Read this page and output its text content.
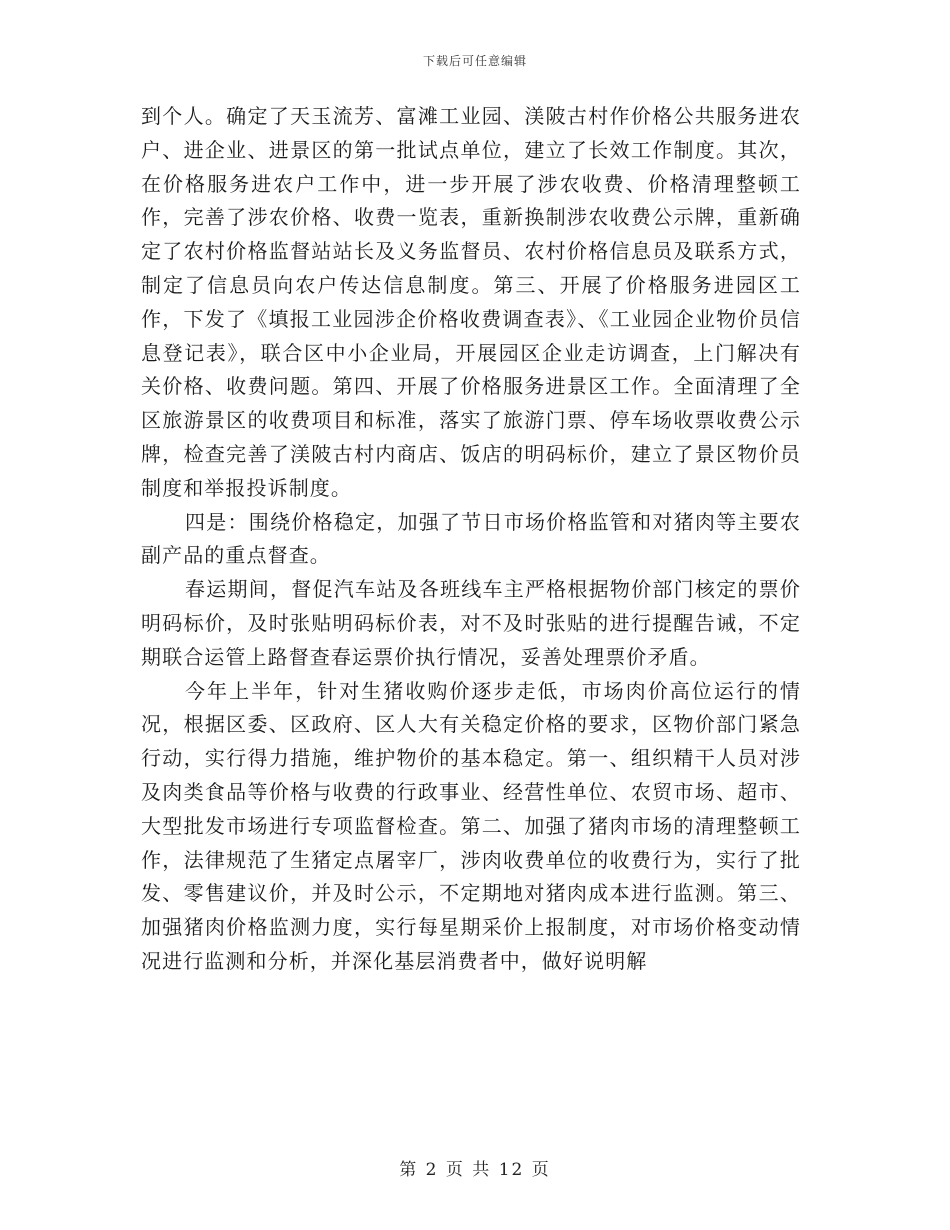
下载后可任意编辑

到个人。确定了天玉流芳、富滩工业园、渼陂古村作价格公共服务进农户、进企业、进景区的第一批试点单位，建立了长效工作制度。其次，在价格服务进农户工作中，进一步开展了涉农收费、价格清理整顿工作，完善了涉农价格、收费一览表，重新换制涉农收费公示牌，重新确定了农村价格监督站站长及义务监督员、农村价格信息员及联系方式，制定了信息员向农户传达信息制度。第三、开展了价格服务进园区工作，下发了《填报工业园涉企价格收费调查表》、《工业园企业物价员信息登记表》，联合区中小企业局，开展园区企业走访调查，上门解决有关价格、收费问题。第四、开展了价格服务进景区工作。全面清理了全区旅游景区的收费项目和标准，落实了旅游门票、停车场收票收费公示牌，检查完善了渼陂古村内商店、饭店的明码标价，建立了景区物价员制度和举报投诉制度。

四是：围绕价格稳定，加强了节日市场价格监管和对猪肉等主要农副产品的重点督查。

春运期间，督促汽车站及各班线车主严格根据物价部门核定的票价明码标价，及时张贴明码标价表，对不及时张贴的进行提醒告诫，不定期联合运管上路督查春运票价执行情况，妥善处理票价矛盾。

今年上半年，针对生猪收购价逐步走低，市场肉价高位运行的情况，根据区委、区政府、区人大有关稳定价格的要求，区物价部门紧急行动，实行得力措施，维护物价的基本稳定。第一、组织精干人员对涉及肉类食品等价格与收费的行政事业、经营性单位、农贸市场、超市、大型批发市场进行专项监督检查。第二、加强了猪肉市场的清理整顿工作，法律规范了生猪定点屠宰厂，涉肉收费单位的收费行为，实行了批发、零售建议价，并及时公示，不定期地对猪肉成本进行监测。第三、加强猪肉价格监测力度，实行每星期采价上报制度，对市场价格变动情况进行监测和分析，并深化基层消费者中，做好说明解

第 2 页 共 12 页
